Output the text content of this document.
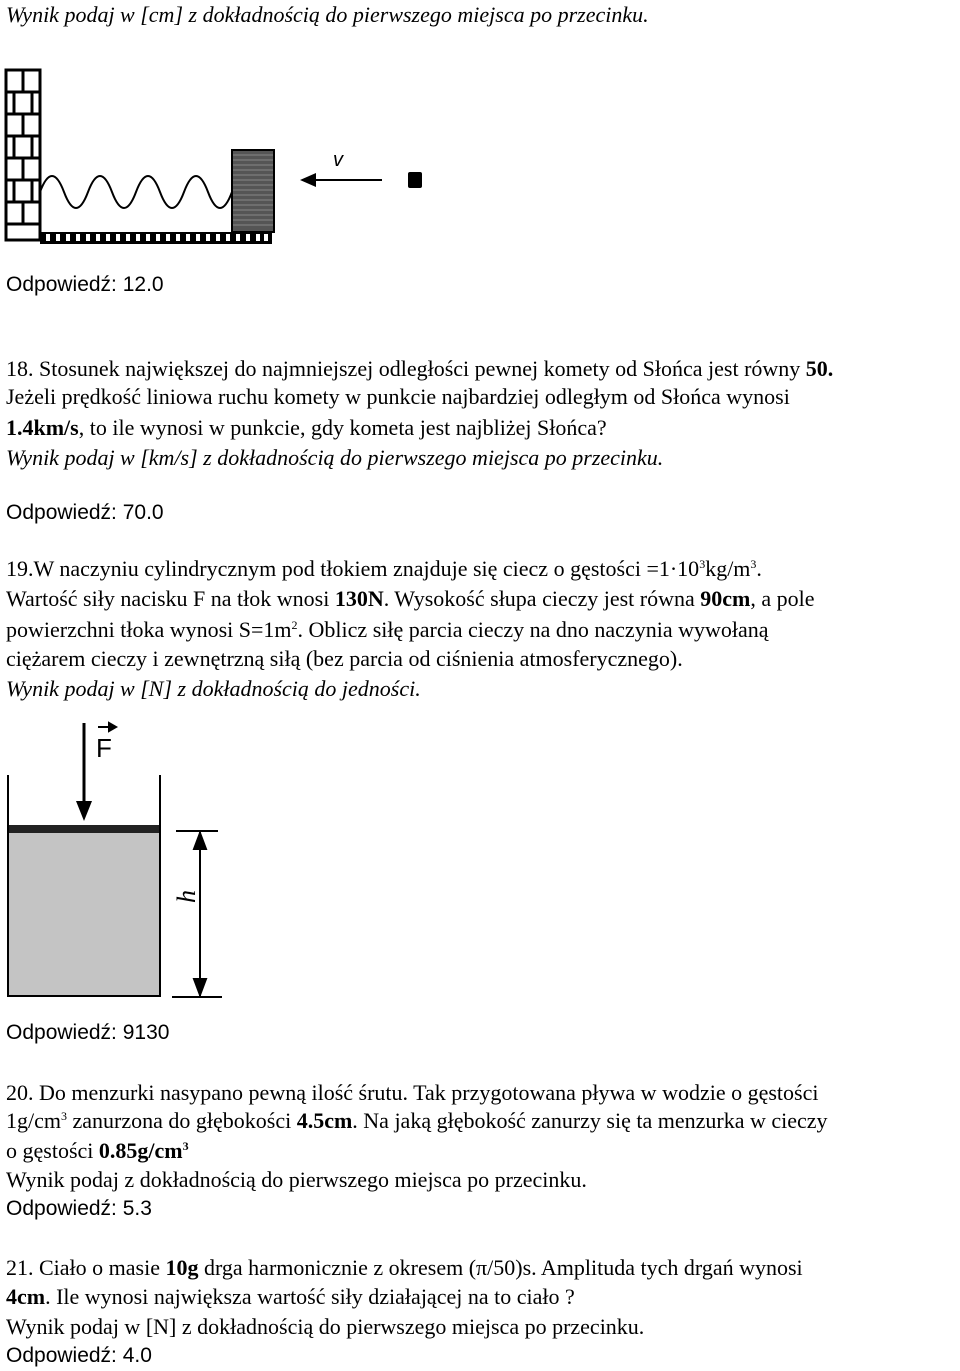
Wynik podaj w [cm] z dokładnością do pierwszego miejsca po przecinku.
v
Odpowiedź: 12.0
18. Stosunek największej do najmniejszej odległości pewnej komety od Słońca jest równy 50.
Jeżeli prędkość liniowa ruchu komety w punkcie najbardziej odległym od Słońca wynosi
1.4km/s, to ile wynosi w punkcie, gdy kometa jest najbliżej Słońca?
Wynik podaj w [km/s] z dokładnością do pierwszego miejsca po przecinku.
Odpowiedź: 70.0
19.W naczyniu cylindrycznym pod tłokiem znajduje się ciecz o gęstości $=1\cdot 10^3kg/m^3$.
Wartość siły nacisku F na tłok wnosi 130N. Wysokość słupa cieczy jest równa 90cm, a pole
powierzchni tłoka wynosi $S=1m^2$. Oblicz siłę parcia cieczy na dno naczynia wywołaną
ciężarem cieczy i zewnętrzną siłą (bez parcia od ciśnienia atmosferycznego).
Wynik podaj w [N] z dokładnością do jedności.
F
h
Odpowiedź: 9130
20. Do menzurki nasypano pewną ilość śrutu. Tak przygotowana pływa w wodzie o gęstości
$1g/cm^3$ zanurzona do głębokości 4.5cm. Na jaką głębokość zanurzy się ta menzurka w cieczy
o gęstości $0.85g/cm^3$
Wynik podaj z dokładnością do pierwszego miejsca po przecinku.
Odpowiedź: 5.3
21. Ciało o masie 10g drga harmonicznie z okresem (π/50)s. Amplituda tych drgań wynosi
4cm. Ile wynosi największa wartość siły działającej na to ciało ?
Wynik podaj w [N] z dokładnością do pierwszego miejsca po przecinku.
Odpowiedź: 4.0
